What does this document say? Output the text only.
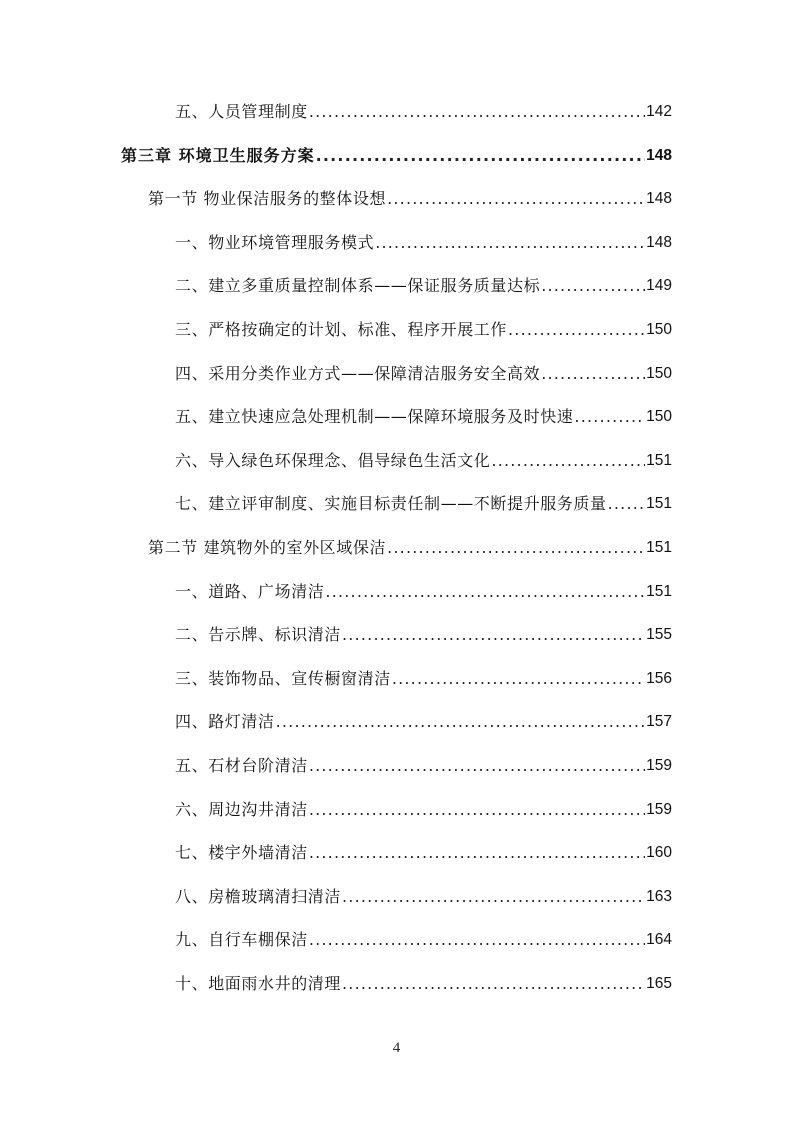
五、人员管理制度 .....	142
第三章 环境卫生服务方案 .....	148
第一节 物业保洁服务的整体设想 .....	148
一、物业环境管理服务模式 .....	148
二、建立多重质量控制体系——保证服务质量达标 .....	149
三、严格按确定的计划、标准、程序开展工作 .....	150
四、采用分类作业方式——保障清洁服务安全高效 .....	150
五、建立快速应急处理机制——保障环境服务及时快速 .....	150
六、导入绿色环保理念、倡导绿色生活文化 .....	151
七、建立评审制度、实施目标责任制——不断提升服务质量 .....	151
第二节 建筑物外的室外区域保洁 .....	151
一、道路、广场清洁 .....	151
二、告示牌、标识清洁 .....	155
三、装饰物品、宣传橱窗清洁 .....	156
四、路灯清洁 .....	157
五、石材台阶清洁 .....	159
六、周边沟井清洁 .....	159
七、楼宇外墙清洁 .....	160
八、房檐玻璃清扫清洁 .....	163
九、自行车棚保洁 .....	164
十、地面雨水井的清理 .....	165
4
